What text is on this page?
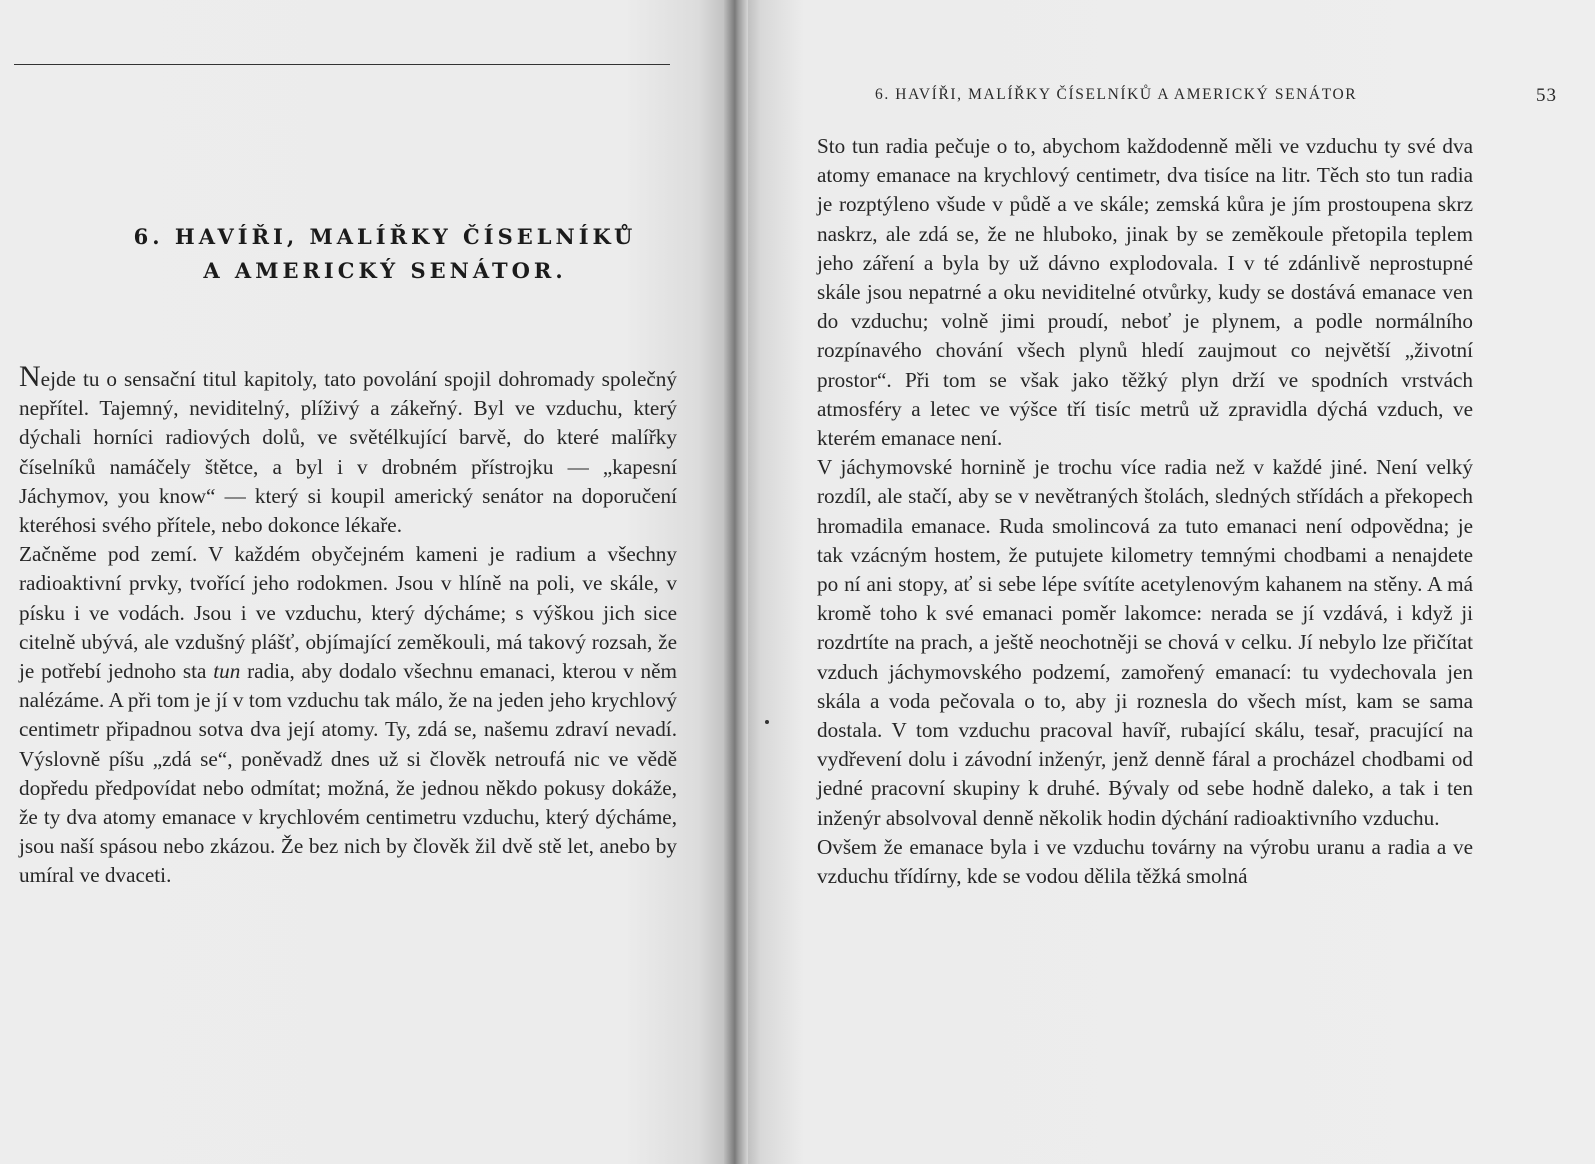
6. HAVÍŘI, MALÍŘKY ČÍSELNÍKŮ
A AMERICKÝ SENÁTOR.

Nejde tu o sensační titul kapitoly, tato povolání spojil dohromady společný nepřítel. Tajemný, neviditelný, plíživý a zákeřný. Byl ve vzduchu, který dýchali horníci radiových dolů, ve světélkující barvě, do které malířky číselníků namáčely štětce, a byl i v drobném přístrojku — „kapesní Jáchymov, you know“ — který si koupil americký senátor na doporučení kteréhosi svého přítele, nebo dokonce lékaře.

Začněme pod zemí. V každém obyčejném kameni je radium a všechny radioaktivní prvky, tvořící jeho rodokmen. Jsou v hlíně na poli, ve skále, v písku i ve vodách. Jsou i ve vzduchu, který dýcháme; s výškou jich sice citelně ubývá, ale vzdušný plášť, objímající zeměkouli, má takový rozsah, že je potřebí jednoho sta tun radia, aby dodalo všechnu emanaci, kterou v něm nalézáme. A při tom je jí v tom vzduchu tak málo, že na jeden jeho krychlový centimetr připadnou sotva dva její atomy. Ty, zdá se, našemu zdraví nevadí. Výslovně píšu „zdá se“, poněvadž dnes už si člověk netroufá nic ve vědě dopředu předpovídat nebo odmítat; možná, že jednou někdo pokusy dokáže, že ty dva atomy emanace v krychlovém centimetru vzduchu, který dýcháme, jsou naší spásou nebo zkázou. Že bez nich by člověk žil dvě stě let, anebo by umíral ve dvaceti.

6. HAVÍŘI, MALÍŘKY ČÍSELNÍKŮ A AMERICKÝ SENÁTOR	53

Sto tun radia pečuje o to, abychom každodenně měli ve vzduchu ty své dva atomy emanace na krychlový centimetr, dva tisíce na litr. Těch sto tun radia je rozptýleno všude v půdě a ve skále; zemská kůra je jím prostoupena skrz naskrz, ale zdá se, že ne hluboko, jinak by se zeměkoule přetopila teplem jeho záření a byla by už dávno explodovala. I v té zdánlivě neprostupné skále jsou nepatrné a oku neviditelné otvůrky, kudy se dostává emanace ven do vzduchu; volně jimi proudí, neboť je plynem, a podle normálního rozpínavého chování všech plynů hledí zaujmout co největší „životní prostor“. Při tom se však jako těžký plyn drží ve spodních vrstvách atmosféry a letec ve výšce tří tisíc metrů už zpravidla dýchá vzduch, ve kterém emanace není.

V jáchymovské hornině je trochu více radia než v každé jiné. Není velký rozdíl, ale stačí, aby se v nevětraných štolách, sledných střídách a překopech hromadila emanace. Ruda smolincová za tuto emanaci není odpovědna; je tak vzácným hostem, že putujete kilometry temnými chodbami a nenajdete po ní ani stopy, ať si sebe lépe svítíte acetylenovým kahanem na stěny. A má kromě toho k své emanaci poměr lakomce: nerada se jí vzdává, i když ji rozdrtíte na prach, a ještě neochotněji se chová v celku. Jí nebylo lze přičítat vzduch jáchymovského podzemí, zamořený emanací: tu vydechovala jen skála a voda pečovala o to, aby ji roznesla do všech míst, kam se sama dostala. V tom vzduchu pracoval havíř, rubající skálu, tesař, pracující na vydřevení dolu i závodní inženýr, jenž denně fáral a procházel chodbami od jedné pracovní skupiny k druhé. Bývaly od sebe hodně daleko, a tak i ten inženýr absolvoval denně několik hodin dýchání radioaktivního vzduchu.

Ovšem že emanace byla i ve vzduchu továrny na výrobu uranu a radia a ve vzduchu třídírny, kde se vodou dělila těžká smolná
